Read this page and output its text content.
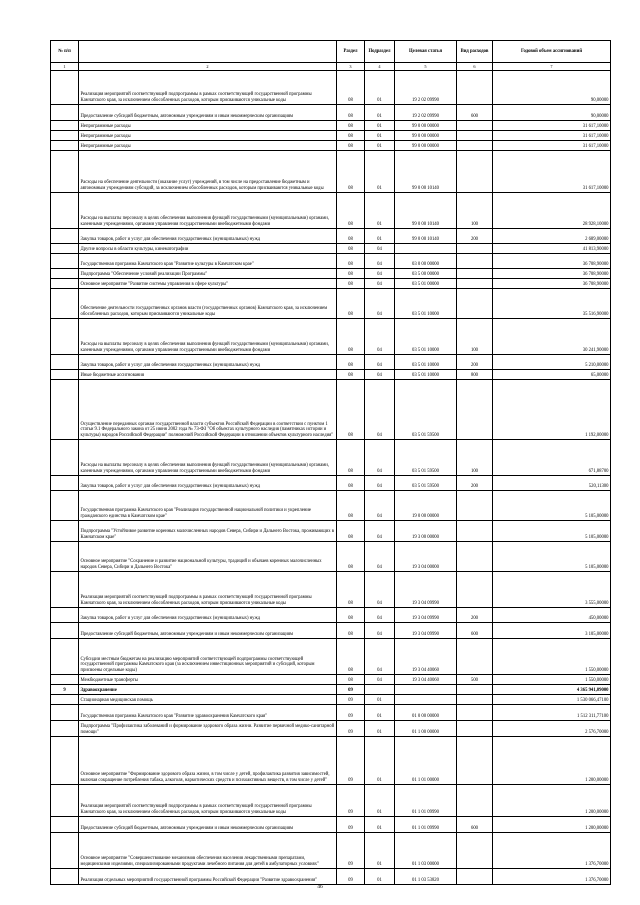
№ п/п		Раздел	Подраздел	Целевая статья	Вид расходов	Годовой объем ассигнований
1	2	3	4	5	6	7
	Реализация мероприятий соответствующей подпрограммы в рамках соответствующей государственной программы Камчатского края, за исключением обособленных расходов, которым присваиваются уникальные коды	08	01	19 2 02 09990		90,00000
	Предоставление субсидий бюджетным, автономным учреждениям и иным некоммерческим организациям	08	01	19 2 02 09990	600	90,00000
	Непрограммные расходы	08	01	99 0 00 00000		31 617,10000
	Непрограммные расходы	08	01	99 0 00 00000		31 617,10000
	Непрограммные расходы	08	01	99 0 00 00000		31 617,10000
	Расходы на обеспечение деятельности (оказание услуг) учреждений, в том числе на предоставление бюджетным и автономным учреждениям субсидий, за исключением обособленных расходов, которым присваиваются уникальные коды	08	01	99 0 00 10140		31 617,10000
	Расходы на выплаты персоналу в целях обеспечения выполнения функций государственными (муниципальными) органами, казенными учреждениями, органами управления государственными внебюджетными фондами	08	01	99 0 00 10140	100	28 928,10000
	Закупка товаров, работ и услуг для обеспечения государственных (муниципальных) нужд	08	01	99 0 00 10140	200	2 689,00000
	Другие вопросы в области культуры, кинематографии	08	04			41 813,90000
	Государственная программа Камчатского края "Развитие культуры в Камчатском крае"	08	04	03 0 00 00000		36 708,90000
	Подпрограмма "Обеспечение условий реализации Программы"	08	04	03 5 00 00000		36 708,90000
	Основное мероприятие "Развитие системы управления в сфере культуры"	08	04	03 5 01 00000		36 708,90000
	Обеспечение деятельности государственных органов власти (государственных органов) Камчатского края, за исключением обособленных расходов, которым присваиваются уникальные коды	08	04	03 5 01 10000		35 516,90000
	Расходы на выплаты персоналу в целях обеспечения выполнения функций государственными (муниципальными) органами, казенными учреждениями, органами управления государственными внебюджетными фондами	08	04	03 5 01 10000	100	30 241,90000
	Закупка товаров, работ и услуг для обеспечения государственных (муниципальных) нужд	08	04	03 5 01 10000	200	5 210,00000
	Иные бюджетные ассигнования	08	04	03 5 01 10000	800	65,00000
	Осуществление переданных органам государственной власти субъектов Российской Федерации в соответствии с пунктом 1 статьи 9.1 Федерального закона от 25 июня 2002 года № 73-ФЗ "Об объектах культурного наследия (памятниках истории и культуры) народов Российской Федерации" полномочий Российской Федерации в отношении объектов культурного наследия"	08	04	03 5 01 59500		1 192,00000
	Расходы на выплаты персоналу в целях обеспечения выполнения функций государственными (муниципальными) органами, казенными учреждениями, органами управления государственными внебюджетными фондами	08	04	03 5 01 59500	100	671,88700
	Закупка товаров, работ и услуг для обеспечения государственных (муниципальных) нужд	08	04	03 5 01 59500	200	520,11300
	Государственная программа Камчатского края "Реализация государственной национальной политики и укрепление гражданского единства в Камчатском крае"	08	04	19 0 00 00000		5 105,00000
	Подпрограмма "Устойчивое развитие коренных малочисленных народов Севера, Сибири и Дальнего Востока, проживающих в Камчатском крае"	08	04	19 3 00 00000		5 105,00000
	Основное мероприятие "Сохранение и развитие национальной культуры, традиций и обычаев коренных малочисленных народов Севера, Сибири и Дальнего Востока"	08	04	19 3 04 00000		5 105,00000
	Реализация мероприятий соответствующей подпрограммы в рамках соответствующей государственной программы Камчатского края, за исключением обособленных расходов, которым присваиваются уникальные коды	08	04	19 3 04 09990		3 555,00000
	Закупка товаров, работ и услуг для обеспечения государственных (муниципальных) нужд	08	04	19 3 04 09990	200	450,00000
	Предоставление субсидий бюджетным, автономным учреждениям и иным некоммерческим организациям	08	04	19 3 04 09990	600	3 105,00000
	Субсидии местным бюджетам на реализацию мероприятий соответствующей подпрограммы соответствующей государственной программы Камчатского края (за исключением инвестиционных мероприятий и субсидий, которым присвоены отдельные коды)	08	04	19 3 04 40060		1 550,00000
	Межбюджетные трансферты	08	04	19 3 04 40060	500	1 550,00000
9	Здравоохранение	09				4 365 941,09000
	Стационарная медицинская помощь	09	01			1 530 066,47100
	Государственная программа Камчатского края "Развитие здравоохранения Камчатского края"	09	01	01 0 00 00000		1 512 311,77100
	Подпрограмма "Профилактика заболеваний и формирование здорового образа жизни. Развитие первичной медико-санитарной помощи"	09	01	01 1 00 00000		2 576,70000
	Основное мероприятие "Формирование здорового образа жизни, в том числе у детей, профилактика развития зависимостей, включая сокращение потребления табака, алкоголя, наркотических средств и психоактивных веществ, в том числе у детей"	09	01	01 1 01 00000		1 200,00000
	Реализация мероприятий соответствующей подпрограммы в рамках соответствующей государственной программы Камчатского края, за исключением обособленных расходов, которым присваиваются уникальные коды	09	01	01 1 01 09990		1 200,00000
	Предоставление субсидий бюджетным, автономным учреждениям и иным некоммерческим организациям	09	01	01 1 01 09990	600	1 200,00000
	Основное мероприятие "Совершенствование механизмов обеспечения населения лекарственными препаратами, медицинскими изделиями, специализированными продуктами лечебного питания для детей в амбулаторных условиях"	09	01	01 1 03 00000		1 376,70000
	Реализация отдельных мероприятий государственной программы Российской Федерации "Развитие здравоохранения"	09	01	01 1 03 53820		1 376,70000
46
